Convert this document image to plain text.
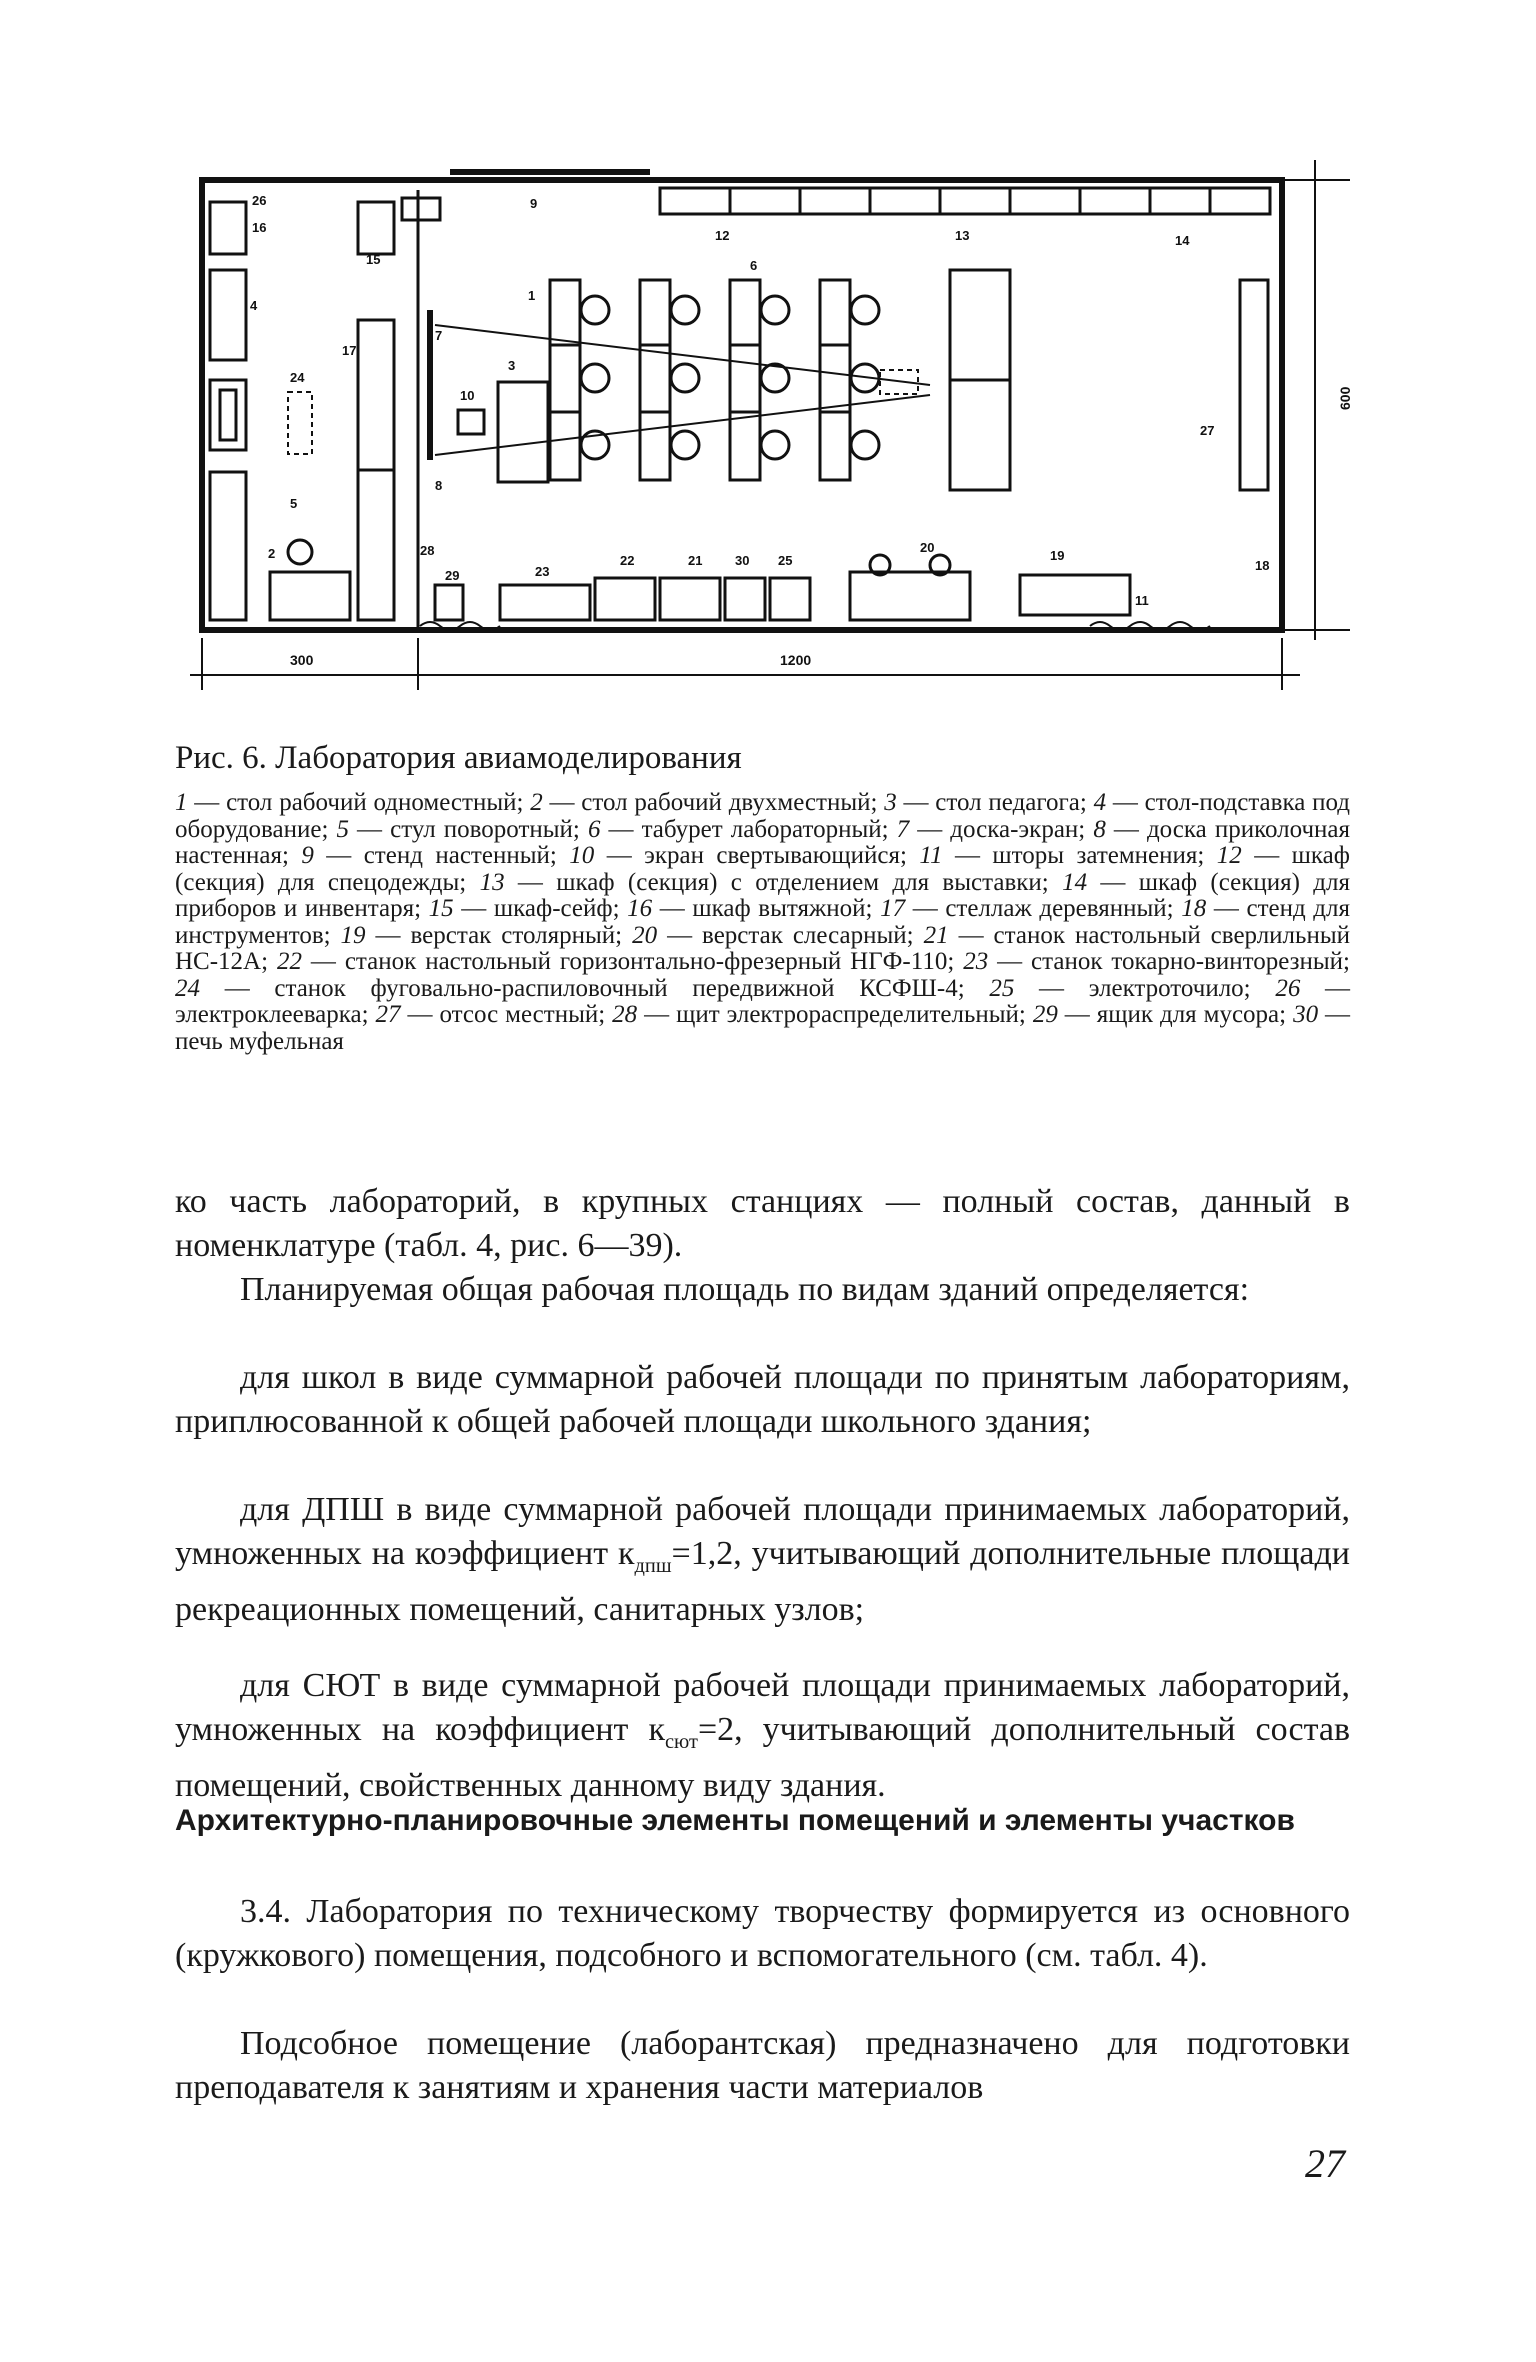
300	1200
600
26
16
15
4
24
17
5
2
9
12	13	14
7
10
8
3
1
6
27
18
28
29	23
22	21	30 25
20
19
11
Рис. 6. Лаборатория авиамоделирования

1 — стол рабочий одноместный; 2 — стол рабочий двухместный; 3 — стол педагога; 4 — стол-подставка под оборудование; 5 — стул поворотный; 6 — табурет лабораторный; 7 — доска-экран; 8 — доска приколочная настенная; 9 — стенд настенный; 10 — экран свертывающийся; 11 — шторы затемнения; 12 — шкаф (секция) для спецодежды; 13 — шкаф (секция) с отделением для выставки; 14 — шкаф (секция) для приборов и инвентаря; 15 — шкаф-сейф; 16 — шкаф вытяжной; 17 — стеллаж деревянный; 18 — стенд для инструментов; 19 — верстак столярный; 20 — верстак слесарный; 21 — станок настольный сверлильный НС-12А; 22 — станок настольный горизонтально-фрезерный НГФ-110; 23 — станок токарно-винторезный; 24 — станок фуговально-распиловочный передвижной КСФШ-4; 25 — электроточило; 26 — электроклееварка; 27 — отсос местный; 28 — щит электрораспределительный; 29 — ящик для мусора; 30 — печь муфельная

ко часть лабораторий, в крупных станциях — полный состав, данный в номенклатуре (табл. 4, рис. 6—39).

Планируемая общая рабочая площадь по видам зданий определяется:

для школ в виде суммарной рабочей площади по принятым лабораториям, приплюсованной к общей рабочей площади школьного здания;

для ДПШ в виде суммарной рабочей площади принимаемых лабораторий, умноженных на коэффициент $к_{дпш}=1,2$, учитывающий дополнительные площади рекреационных помещений, санитарных узлов;

для СЮТ в виде суммарной рабочей площади принимаемых лабораторий, умноженных на коэффициент $к_{сют}=2$, учитывающий дополнительный состав помещений, свойственных данному виду здания.

Архитектурно-планировочные элементы помещений и элементы участков

3.4. Лаборатория по техническому творчеству формируется из основного (кружкового) помещения, подсобного и вспомогательного (см. табл. 4).

Подсобное помещение (лаборантская) предназначено для подготовки преподавателя к занятиям и хранения части материалов

27
